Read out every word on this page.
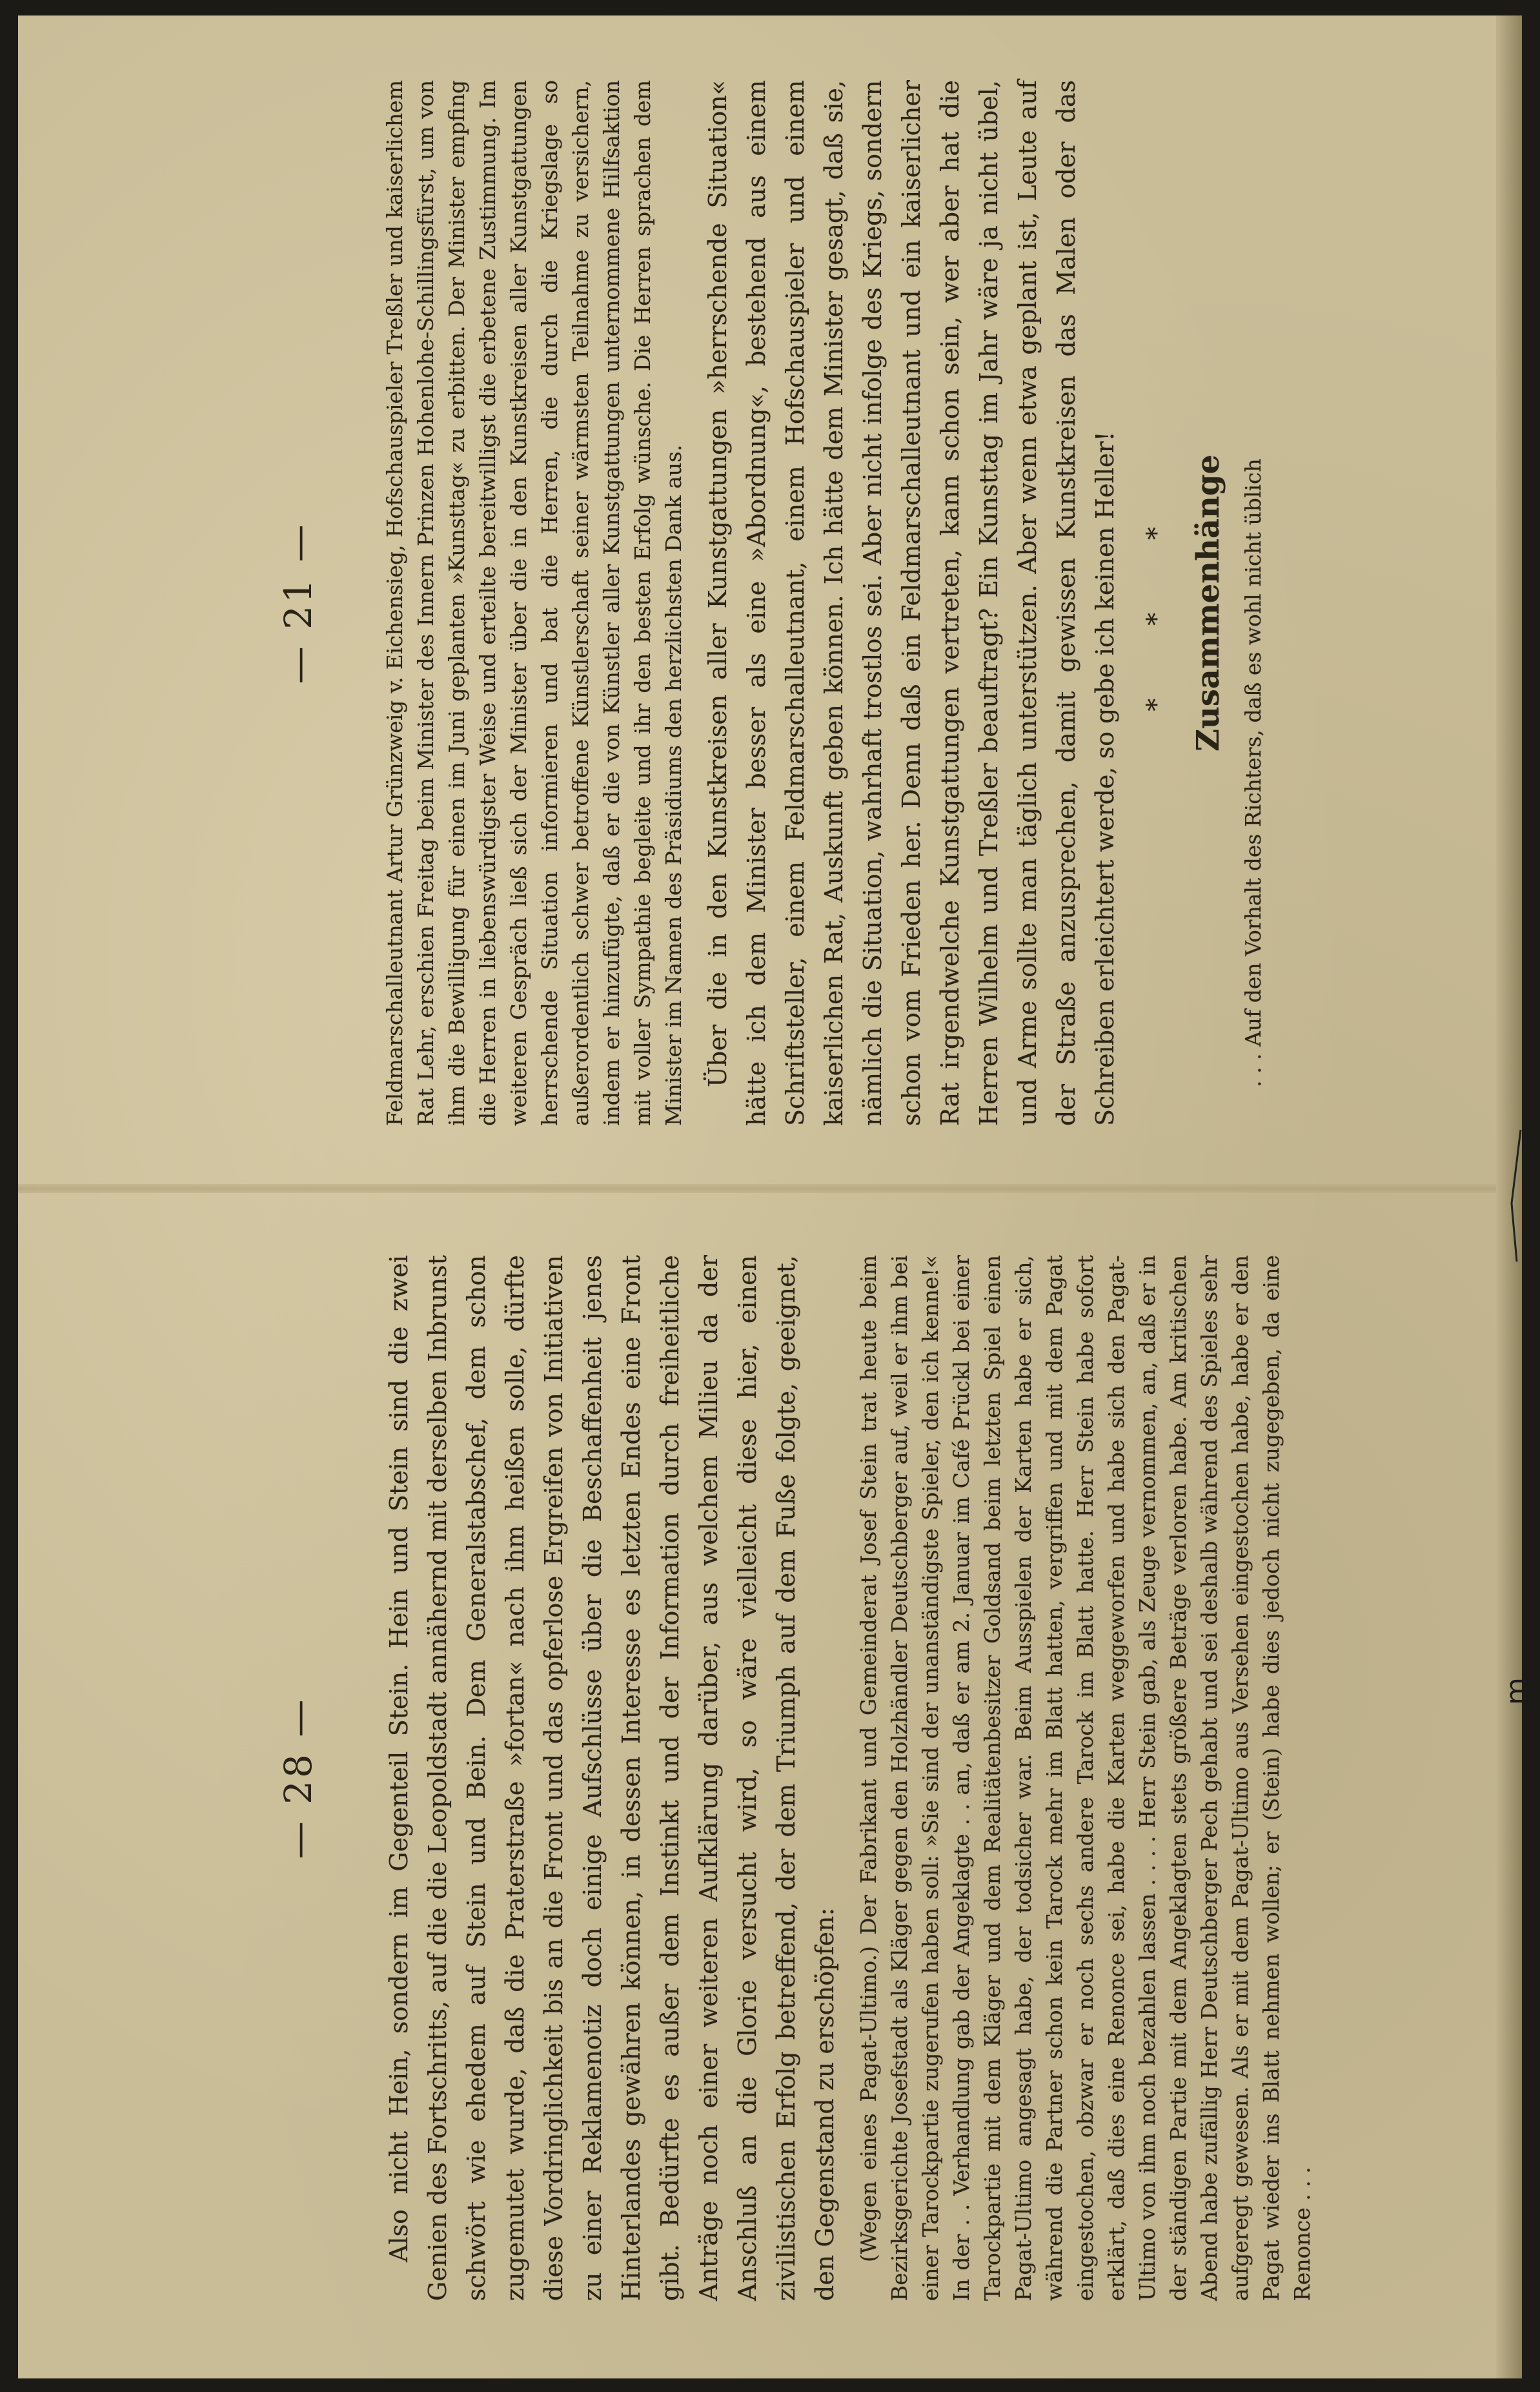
— 28 —	Also nicht Hein, sondern im Gegenteil Stein. Hein und Stein sind die zwei Genien des Fortschritts, auf die die Leopoldstadt annähernd mit derselben Inbrunst schwört wie ehedem auf Stein und Bein. Dem Generalstabschef, dem schon zugemutet wurde, daß die Praterstraße »fortan« nach ihm heißen solle, dürfte diese Vordringlichkeit bis an die Front und das opferlose Ergreifen von Initiativen zu einer Reklamenotiz doch einige Aufschlüsse über die Beschaffenheit jenes Hinterlandes gewähren können, in dessen Interesse es letzten Endes eine Front gibt. Bedürfte es außer dem Instinkt und der Information durch freiheitliche Anträge noch einer weiteren Aufklärung darüber, aus welchem Milieu da der Anschluß an die Glorie versucht wird, so wäre vielleicht diese hier, einen zivilistischen Erfolg betreffend, der dem Triumph auf dem Fuße folgte, geeignet, den Gegenstand zu erschöpfen: (Wegen eines Pagat-Ultimo.) Der Fabrikant und Gemeinderat Josef Stein trat heute beim Bezirksgerichte Josefstadt als Kläger gegen den Holzhändler Deutschberger auf, weil er ihm bei einer Tarockpartie zugerufen haben soll: »Sie sind der unanständigste Spieler, den ich kenne!« In der . . Verhandlung gab der Angeklagte . . an, daß er am 2. Januar im Café Prückl bei einer Tarockpartie mit dem Kläger und dem Realitätenbesitzer Goldsand beim letzten Spiel einen Pagat-Ultimo angesagt habe, der todsicher war. Beim Ausspielen der Karten habe er sich, während die Partner schon kein Tarock mehr im Blatt hatten, vergriffen und mit dem Pagat eingestochen, obzwar er noch sechs andere Tarock im Blatt hatte. Herr Stein habe sofort erklärt, daß dies eine Renonce sei, habe die Karten weggeworfen und habe sich den Pagat-Ultimo von ihm noch bezahlen lassen . . . . Herr Stein gab, als Zeuge vernommen, an, daß er in der ständigen Partie mit dem Angeklagten stets größere Beträge verloren habe. Am kritischen Abend habe zufällig Herr Deutschberger Pech gehabt und sei deshalb während des Spieles sehr aufgeregt gewesen. Als er mit dem Pagat-Ultimo aus Versehen eingestochen habe, habe er den Pagat wieder ins Blatt nehmen wollen; er (Stein) habe dies jedoch nicht zugegeben, da eine Renonce . . .

— 21 —	Feldmarschalleutnant Artur Grünzweig v. Eichensieg, Hofschauspieler Treßler und kaiserlichem Rat Lehr, erschien Freitag beim Minister des Innern Prinzen Hohenlohe-Schillingsfürst, um von ihm die Bewilligung für einen im Juni geplanten »Kunsttag« zu erbitten. Der Minister empfing die Herren in liebenswürdigster Weise und erteilte bereitwilligst die erbetene Zustimmung. Im weiteren Gespräch ließ sich der Minister über die in den Kunstkreisen aller Kunstgattungen herrschende Situation informieren und bat die Herren, die durch die Kriegslage so außerordentlich schwer betroffene Künstlerschaft seiner wärmsten Teilnahme zu versichern, indem er hinzufügte, daß er die von Künstler aller Kunstgattungen unternommene Hilfsaktion mit voller Sympathie begleite und ihr den besten Erfolg wünsche. Die Herren sprachen dem Minister im Namen des Präsidiums den herzlichsten Dank aus. Über die in den Kunstkreisen aller Kunstgattungen »herrschende Situation« hätte ich dem Minister besser als eine »Abordnung«, bestehend aus einem Schriftsteller, einem Feldmarschalleutnant, einem Hofschauspieler und einem kaiserlichen Rat, Auskunft geben können. Ich hätte dem Minister gesagt, daß sie, nämlich die Situation, wahrhaft trostlos sei. Aber nicht infolge des Kriegs, sondern schon vom Frieden her. Denn daß ein Feldmarschalleutnant und ein kaiserlicher Rat irgendwelche Kunstgattungen vertreten, kann schon sein, wer aber hat die Herren Wilhelm und Treßler beauftragt? Ein Kunsttag im Jahr wäre ja nicht übel, und Arme sollte man täglich unterstützen. Aber wenn etwa geplant ist, Leute auf der Straße anzusprechen, damit gewissen Kunstkreisen das Malen oder das Schreiben erleichtert werde, so gebe ich keinen Heller! * * * Zusammenhänge . . . Auf den Vorhalt des Richters, daß es wohl nicht üblich

m
